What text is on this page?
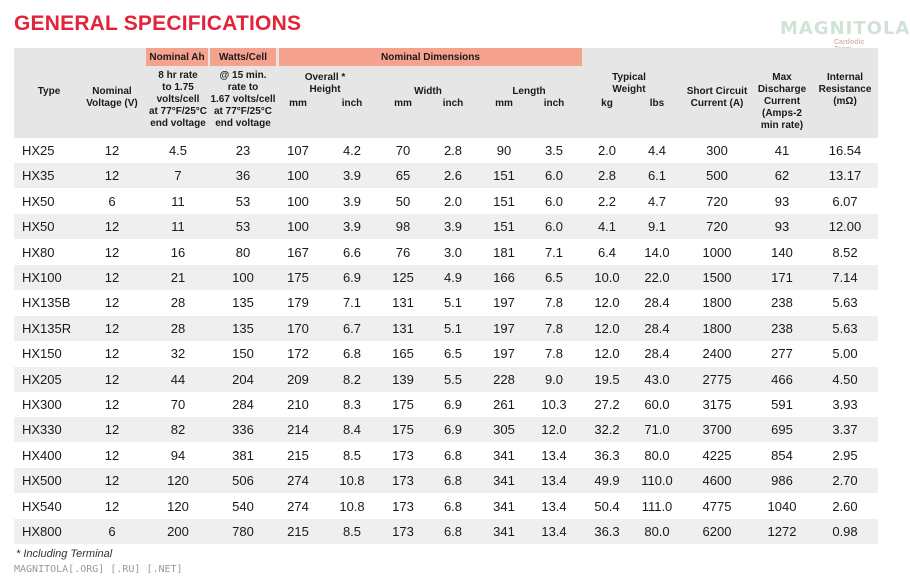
GENERAL SPECIFICATIONS	MAGNITOLA
Cardodic
Nominal Ah	Watts/Cell	Nominal Dimensions
Type	Nominal
Voltage (V)
8 hr rate
to 1.75
volts/cell
at 77°F/25°C
end voltage
@ 15 min.
rate to
1.67 volts/cell
at 77°F/25°C
end voltage
Overall *
Height	Width	Length
Typical
Weight	Short Circuit
Current (A)
Max
Discharge
Current
(Amps-2
min rate)
Internal
Resistance
(mΩ)
mm	inch	mm	inch	mm	inch	kg	lbs
HX25	12	4.5	23	107	4.2	70	2.8	90	3.5	2.0	4.4	300	41	16.54
HX35	12	7	36	100	3.9	65	2.6	151	6.0	2.8	6.1	500	62	13.17
HX50	6	11	53	100	3.9	50	2.0	151	6.0	2.2	4.7	720	93	6.07
HX50	12	11	53	100	3.9	98	3.9	151	6.0	4.1	9.1	720	93	12.00
HX80	12	16	80	167	6.6	76	3.0	181	7.1	6.4	14.0	1000	140	8.52
HX100	12	21	100	175	6.9	125	4.9	166	6.5	10.0	22.0	1500	171	7.14
HX135B	12	28	135	179	7.1	131	5.1	197	7.8	12.0	28.4	1800	238	5.63
HX135R	12	28	135	170	6.7	131	5.1	197	7.8	12.0	28.4	1800	238	5.63
HX150	12	32	150	172	6.8	165	6.5	197	7.8	12.0	28.4	2400	277	5.00
HX205	12	44	204	209	8.2	139	5.5	228	9.0	19.5	43.0	2775	466	4.50
HX300	12	70	284	210	8.3	175	6.9	261	10.3	27.2	60.0	3175	591	3.93
HX330	12	82	336	214	8.4	175	6.9	305	12.0	32.2	71.0	3700	695	3.37
HX400	12	94	381	215	8.5	173	6.8	341	13.4	36.3	80.0	4225	854	2.95
HX500	12	120	506	274	10.8	173	6.8	341	13.4	49.9	110.0	4600	986	2.70
HX540	12	120	540	274	10.8	173	6.8	341	13.4	50.4	111.0	4775	1040	2.60
HX800	6	200	780	215	8.5	173	6.8	341	13.4	36.3	80.0	6200	1272	0.98
* Including Terminal
MAGNITOLA[.ORG] [.RU] [.NET]
